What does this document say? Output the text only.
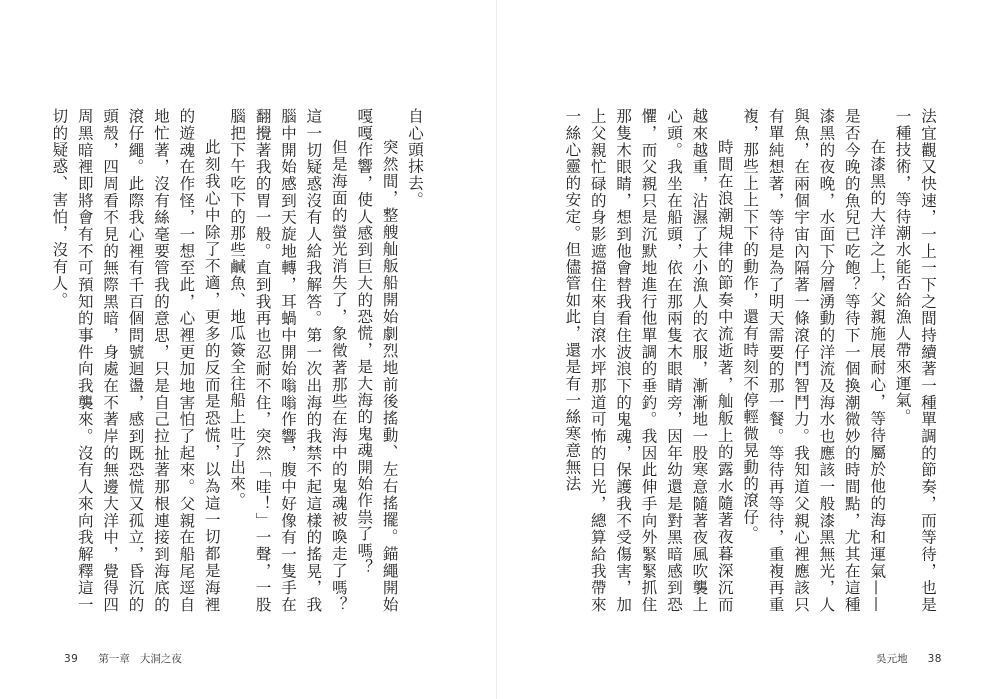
自心頭抹去。

突然間，整艘舢舨船開始劇烈地前後搖動、左右搖擺。錨繩開始嘎嘎作響，使人感到巨大的恐慌，是大海的鬼魂開始作祟了嗎？

但是海面的螢光消失了，象徵著那些在海中的鬼魂被喚走了嗎？這一切疑惑沒有人給我解答。第一次出海的我禁不起這樣的搖晃，我腦中開始感到天旋地轉，耳蝸中開始嗡嗡作響，腹中好像有一隻手在翻攪著我的胃一般。直到我再也忍耐不住，突然「哇！」一聲，一股腦把下午吃下的那些鹹魚、地瓜簽全往船上吐了出來。

此刻我心中除了不適，更多的反而是恐慌，以為這一切都是海裡的遊魂在作怪，一想至此，心裡更加地害怕了起來。父親在船尾逕自地忙著，沒有絲毫要管我的意思，只是自己拉扯著那根連接到海底的滾仔繩。此際我心裡有千百個問號迴盪，感到既恐慌又孤立，昏沉的頭殼，四周看不見的無際黑暗，身處在不著岸的無邊大洋中，覺得四周黑暗裡即將會有不可預知的事件向我襲來。沒有人來向我解釋這一切的疑惑、害怕，沒有人。

39 第一章 大洞之夜

法宜觀又快速，一上一下之間持續著一種單調的節奏，而等待，也是一種技術，等待潮水能否給漁人帶來運氣。

在漆黑的大洋之上，父親施展耐心，等待屬於他的海和運氣——是否今晚的魚兒已吃飽？等待下一個換潮微妙的時間點，尤其在這種漆黑的夜晚，水面下分層湧動的洋流及海水也應該一般漆黑無光，人與魚，在兩個宇宙內隔著一條滾仔鬥智鬥力。我知道父親心裡應該只有單純想著，等待是為了明天需要的那一餐。等待再等待，重複再重複，那些上上下下的動作，還有時刻不停輕微晃動的滾仔。

時間在浪潮規律的節奏中流逝著，舢舨上的露水隨著夜暮深沉而越來越重，沾濕了大小漁人的衣服，漸漸地一股寒意隨著夜風吹襲上心頭。我坐在船頭，依在那兩隻木眼睛旁，因年幼還是對黑暗感到恐懼，而父親只是沉默地進行他單調的垂釣。我因此伸手向外緊緊抓住那隻木眼睛，想到他會替我看住波浪下的鬼魂，保護我不受傷害，加上父親忙碌的身影遮擋住來自滾水坪那道可怖的日光，總算給我帶來一絲心靈的安定。但儘管如此，還是有一絲寒意無法

吳元地 38
